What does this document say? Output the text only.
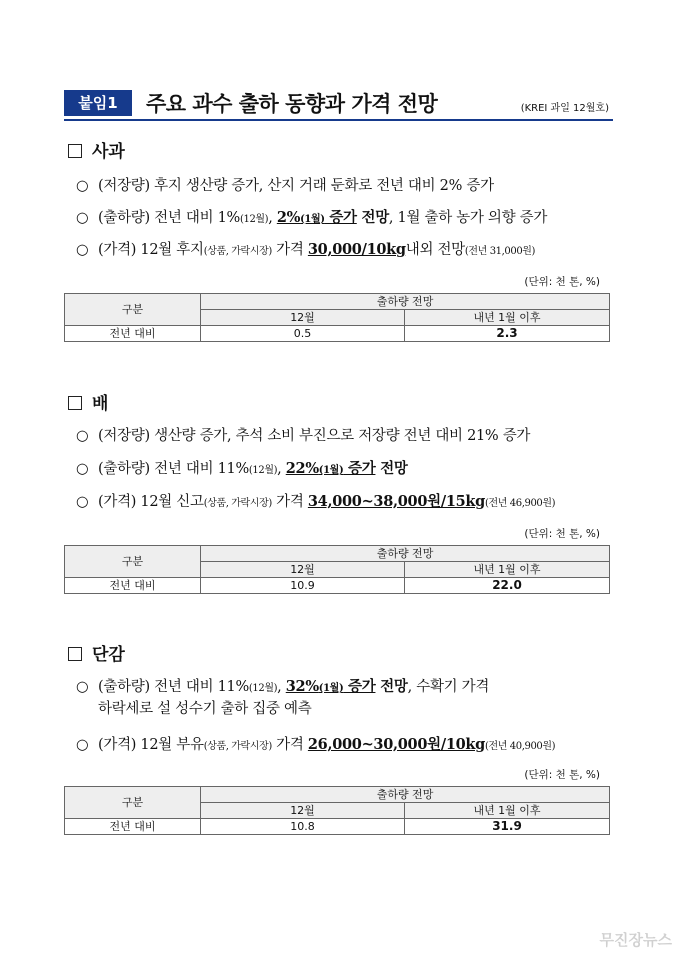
붙임1	주요 과수 출하 동향과 가격 전망	(KREI 과일 12월호)
사과
○ (저장량) 후지 생산량 증가, 산지 거래 둔화로 전년 대비 2% 증가
○ (출하량) 전년 대비 1%(12월), 2%(1월) 증가 전망, 1월 출하 농가 의향 증가
○ (가격) 12월 후지(상품, 가락시장) 가격 30,000/10kg내외 전망(전년 31,000원)
(단위: 천 톤, %)
구분	출하량 전망	
	12월	내년 1월 이후
전년 대비	0.5	2.3
배
○ (저장량) 생산량 증가, 추석 소비 부진으로 저장량 전년 대비 21% 증가
○ (출하량) 전년 대비 11%(12월), 22%(1월) 증가 전망
○ (가격) 12월 신고(상품, 가락시장) 가격 34,000~38,000원/15kg(전년 46,900원)
(단위: 천 톤, %)
구분	출하량 전망	
	12월	내년 1월 이후
전년 대비	10.9	22.0
단감
○ (출하량) 전년 대비 11%(12월), 32%(1월) 증가 전망, 수확기 가격
하락세로 설 성수기 출하 집중 예측
○ (가격) 12월 부유(상품, 가락시장) 가격 26,000~30,000원/10kg(전년 40,900원)
(단위: 천 톤, %)
구분	출하량 전망	
	12월	내년 1월 이후
전년 대비	10.8	31.9
무진장뉴스
